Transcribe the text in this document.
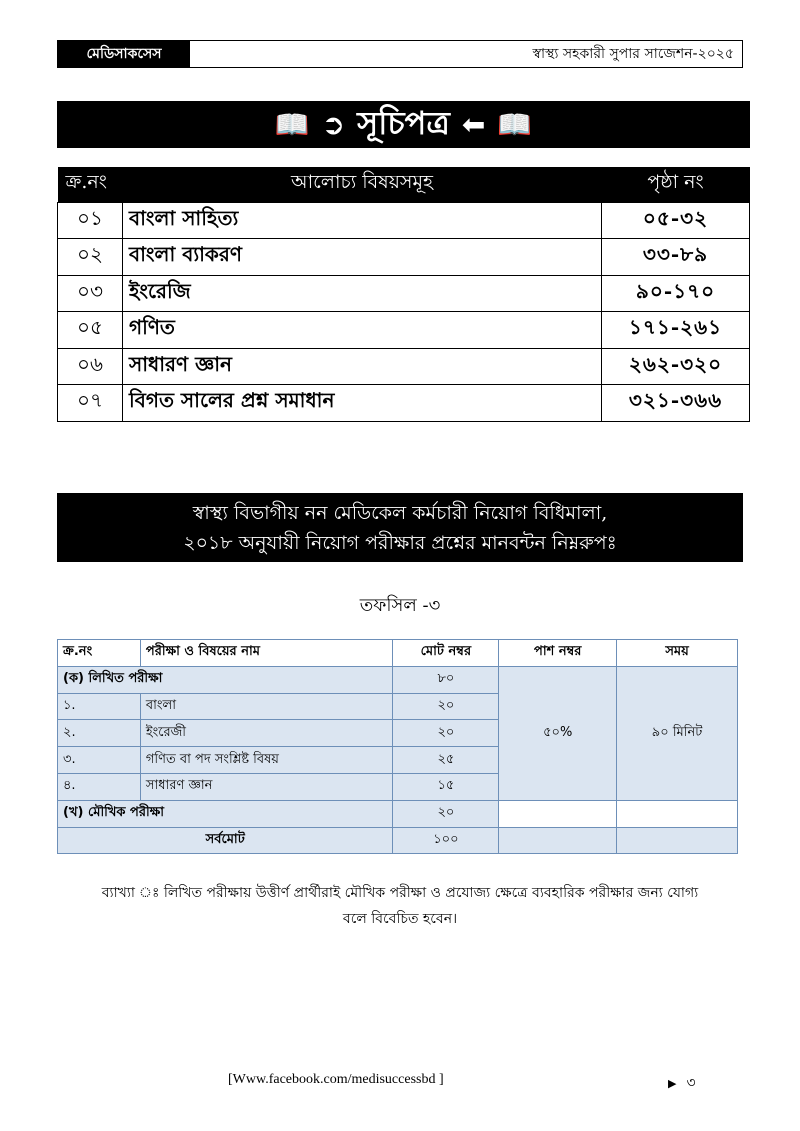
মেডিসাকসেস	স্বাস্থ্য সহকারী সুপার সাজেশন-২০২৫
📖 ➲ সূচিপত্র ⬅ 📖
ক্র.নং	আলোচ্য বিষয়সমূহ	পৃষ্ঠা নং
০১	বাংলা সাহিত্য	০৫-৩২
০২	বাংলা ব্যাকরণ	৩৩-৮৯
০৩	ইংরেজি	৯০-১৭০
০৫	গণিত	১৭১-২৬১
০৬	সাধারণ জ্ঞান	২৬২-৩২০
০৭	বিগত সালের প্রশ্ন সমাধান	৩২১-৩৬৬
স্বাস্থ্য বিভাগীয় নন মেডিকেল কর্মচারী নিয়োগ বিধিমালা,
২০১৮ অনুযায়ী নিয়োগ পরীক্ষার প্রশ্নের মানবন্টন নিম্নরুপঃ
তফসিল -৩
ক্র.নং	পরীক্ষা ও বিষয়ের নাম	মোট নম্বর	পাশ নম্বর	সময়
(ক) লিখিত পরীক্ষা		৮০	৫০%	৯০ মিনিট
১.	বাংলা	২০		
২.	ইংরেজী	২০		
৩.	গণিত বা পদ সংশ্লিষ্ট বিষয়	২৫		
৪.	সাধারণ জ্ঞান	১৫		
(খ) মৌখিক পরীক্ষা		২০		
সর্বমোট		১০০		
ব্যাখ্যা ঃ লিখিত পরীক্ষায় উত্তীর্ণ প্রার্থীরাই মৌখিক পরীক্ষা ও প্রযোজ্য ক্ষেত্রে ব্যবহারিক পরীক্ষার জন্য যোগ্য
বলে বিবেচিত হবেন।
[Www.facebook.com/medisuccessbd ]	▶ ৩
